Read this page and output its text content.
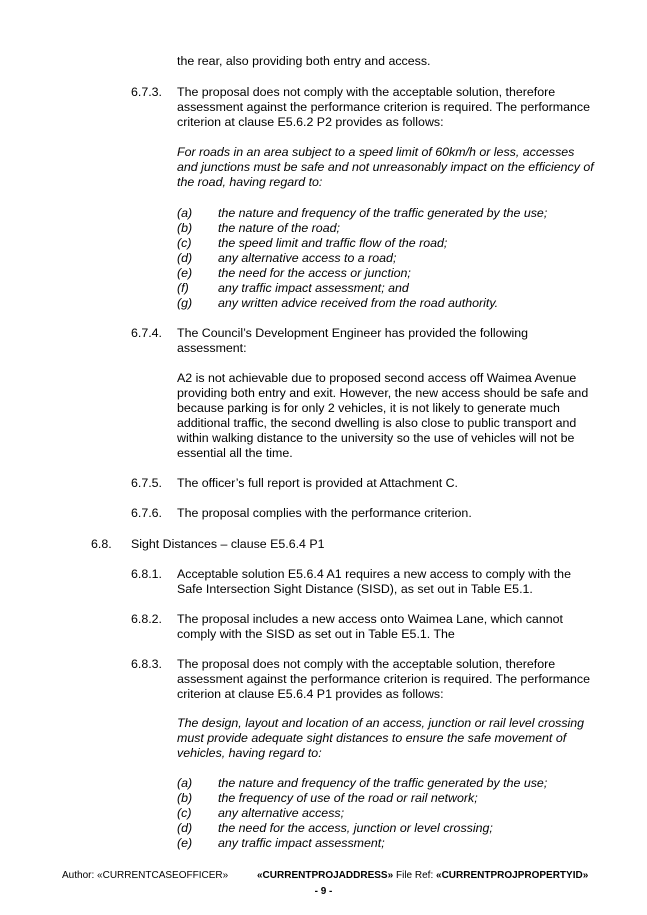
the rear, also providing both entry and access.

6.7.3. The proposal does not comply with the acceptable solution, therefore assessment against the performance criterion is required. The performance criterion at clause E5.6.2 P2 provides as follows:

For roads in an area subject to a speed limit of 60km/h or less, accesses and junctions must be safe and not unreasonably impact on the efficiency of the road, having regard to:

(a) the nature and frequency of the traffic generated by the use;
(b) the nature of the road;
(c) the speed limit and traffic flow of the road;
(d) any alternative access to a road;
(e) the need for the access or junction;
(f) any traffic impact assessment; and
(g) any written advice received from the road authority.
6.7.4. The Council’s Development Engineer has provided the following assessment:

A2 is not achievable due to proposed second access off Waimea Avenue providing both entry and exit. However, the new access should be safe and because parking is for only 2 vehicles, it is not likely to generate much additional traffic, the second dwelling is also close to public transport and within walking distance to the university so the use of vehicles will not be essential all the time.

6.7.5. The officer’s full report is provided at Attachment C.

6.7.6. The proposal complies with the performance criterion.

6.8. Sight Distances – clause E5.6.4 P1

6.8.1. Acceptable solution E5.6.4 A1 requires a new access to comply with the Safe Intersection Sight Distance (SISD), as set out in Table E5.1.

6.8.2. The proposal includes a new access onto Waimea Lane, which cannot comply with the SISD as set out in Table E5.1. The

6.8.3. The proposal does not comply with the acceptable solution, therefore assessment against the performance criterion is required. The performance criterion at clause E5.6.4 P1 provides as follows:

The design, layout and location of an access, junction or rail level crossing must provide adequate sight distances to ensure the safe movement of vehicles, having regard to:

(a) the nature and frequency of the traffic generated by the use;
(b) the frequency of use of the road or rail network;
(c) any alternative access;
(d) the need for the access, junction or level crossing;
(e) any traffic impact assessment;
Author: «CURRENTCASEOFFICER»	«CURRENTPROJADDRESS» File Ref: «CURRENTPROJPROPERTYID»
- 9 -
